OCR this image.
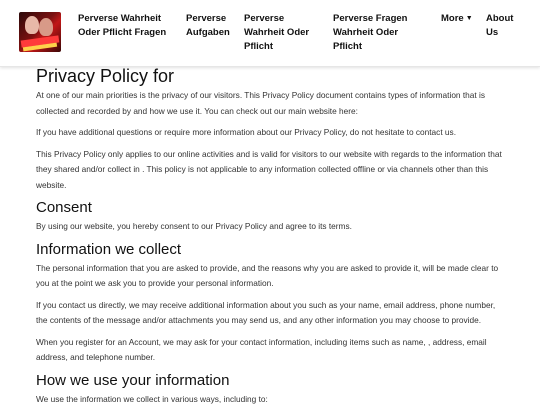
Perverse Wahrheit Oder Pflicht Fragen
Perverse Aufgaben
Perverse Wahrheit Oder Pflicht
Perverse Fragen Wahrheit Oder Pflicht
More ▼ About Us
Privacy Policy for

At one of our main priorities is the privacy of our visitors. This Privacy Policy document contains types of information that is collected and recorded by and how we use it. You can check out our main website here:

If you have additional questions or require more information about our Privacy Policy, do not hesitate to contact us.

This Privacy Policy only applies to our online activities and is valid for visitors to our website with regards to the information that they shared and/or collect in . This policy is not applicable to any information collected offline or via channels other than this website.

Consent

By using our website, you hereby consent to our Privacy Policy and agree to its terms.

Information we collect

The personal information that you are asked to provide, and the reasons why you are asked to provide it, will be made clear to you at the point we ask you to provide your personal information.

If you contact us directly, we may receive additional information about you such as your name, email address, phone number, the contents of the message and/or attachments you may send us, and any other information you may choose to provide.

When you register for an Account, we may ask for your contact information, including items such as name, , address, email address, and telephone number.

How we use your information

We use the information we collect in various ways, including to:
